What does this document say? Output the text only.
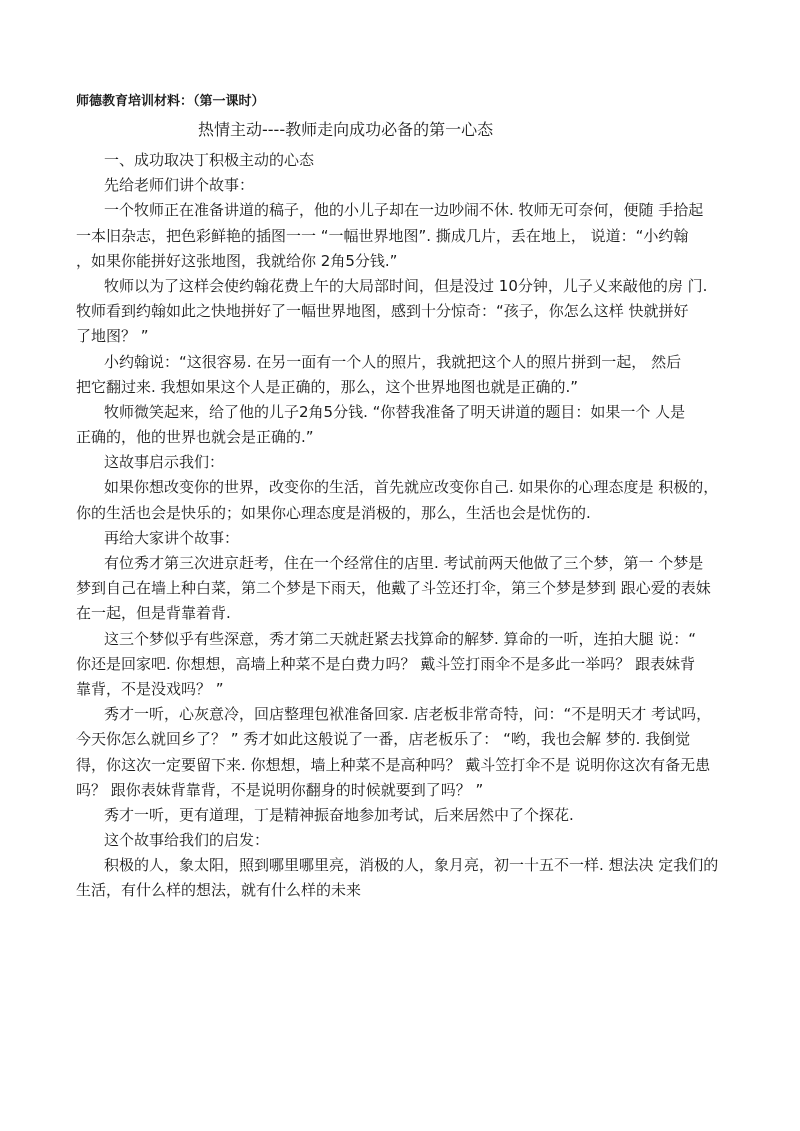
师德教育培训材料：（第一课时）
热情主动----教师走向成功必备的第一心态
一、成功取决丁积极主动的心态
先给老师们讲个故事：
一个牧师正在准备讲道的稿子，他的小儿子却在一边吵闹不休. 牧师无可奈何，便随 手拾起
一本旧杂志，把色彩鲜艳的插图一一 “一幅世界地图”. 撕成几片，丢在地上， 说道：“小约翰
，如果你能拼好这张地图，我就给你 2角5分钱.”
牧师以为了这样会使约翰花费上午的大局部时间，但是没过 10分钟，儿子乂来敲他的房 门.
牧师看到约翰如此之快地拼好了一幅世界地图，感到十分惊奇：“孩子，你怎么这样 快就拼好
了地图？ ”
小约翰说：“这很容易. 在另一面有一个人的照片，我就把这个人的照片拼到一起， 然后
把它翻过来. 我想如果这个人是正确的，那么，这个世界地图也就是正确的.”
牧师微笑起来，给了他的儿子2角5分钱. “你替我准备了明天讲道的题目：如果一个 人是
正确的，他的世界也就会是正确的.”
这故事启示我们：
如果你想改变你的世界，改变你的生活，首先就应改变你自己. 如果你的心理态度是 积极的，
你的生活也会是快乐的；如果你心理态度是消极的，那么，生活也会是忧伤的.
再给大家讲个故事：
有位秀才第三次进京赶考，住在一个经常住的店里. 考试前两天他做了三个梦，第一 个梦是
梦到自己在墙上种白菜，第二个梦是下雨天，他戴了斗笠还打伞，第三个梦是梦到 跟心爱的表妹
在一起，但是背靠着背.
这三个梦似乎有些深意，秀才第二天就赶紧去找算命的解梦. 算命的一听，连拍大腿 说：“
你还是回家吧. 你想想，高墙上种菜不是白费力吗？ 戴斗笠打雨伞不是多此一举吗？ 跟表妹背
靠背，不是没戏吗？ ”
秀才一听，心灰意冷，回店整理包袱准备回家. 店老板非常奇特，问：“不是明天才 考试吗，
今天你怎么就回乡了？ ” 秀才如此这般说了一番，店老板乐了： “哟，我也会解 梦的. 我倒觉
得，你这次一定要留下来. 你想想，墙上种菜不是高种吗？ 戴斗笠打伞不是 说明你这次有备无患
吗？ 跟你表妹背靠背，不是说明你翻身的时候就要到了吗？ ”
秀才一听，更有道理，丁是精神振奋地参加考试，后来居然中了个探花.
这个故事给我们的启发：
积极的人，象太阳，照到哪里哪里亮，消极的人，象月亮，初一十五不一样. 想法决 定我们的
生活，有什么样的想法，就有什么样的未来
